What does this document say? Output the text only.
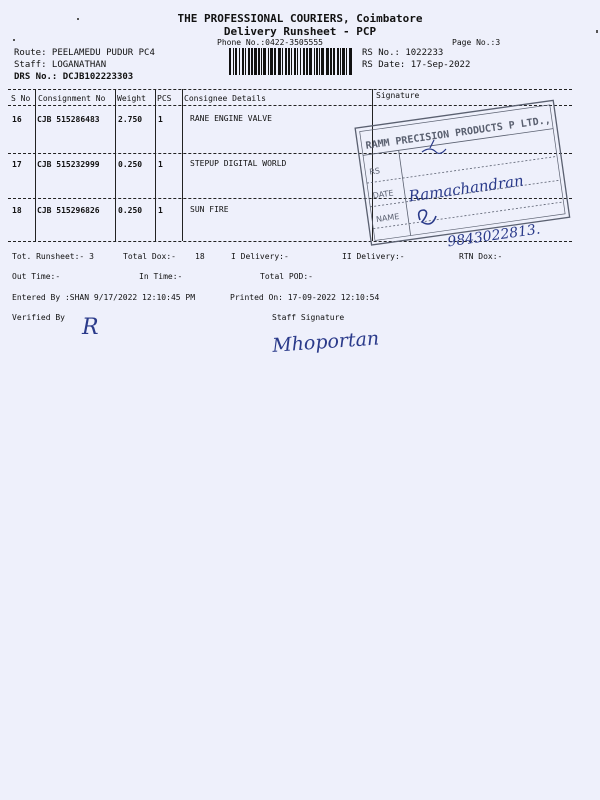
THE PROFESSIONAL COURIERS, Coimbatore
Delivery Runsheet - PCP
Phone No.:0422-3505555	Page No.:3
Route: PEELAMEDU PUDUR PC4
Staff: LOGANATHAN
DRS No.: DCJB102223303
RS No.: 1022233
RS Date: 17-Sep-2022
S No Consignment No Weight PCS Consignee Details	Signature
16 CJB 515286483 2.750 1	RANE ENGINE VALVE
17 CJB 515232999 0.250 1	STEPUP DIGITAL WORLD
18 CJB 515296826 0.250 1	SUN FIRE
RAMM PRECISION PRODUCTS P LTD.,
RS
DATE
NAME
Ramachandran
9843022813.
Tot. Runsheet:- 3	Total Dox:- 18	I Delivery:-	II Delivery:-	RTN Dox:-
Out Time:-	In Time:-	Total POD:-
Entered By :SHAN 9/17/2022 12:10:45 PM	Printed On: 17-09-2022 12:10:54
Verified By	Staff Signature
R	Mhoportan
